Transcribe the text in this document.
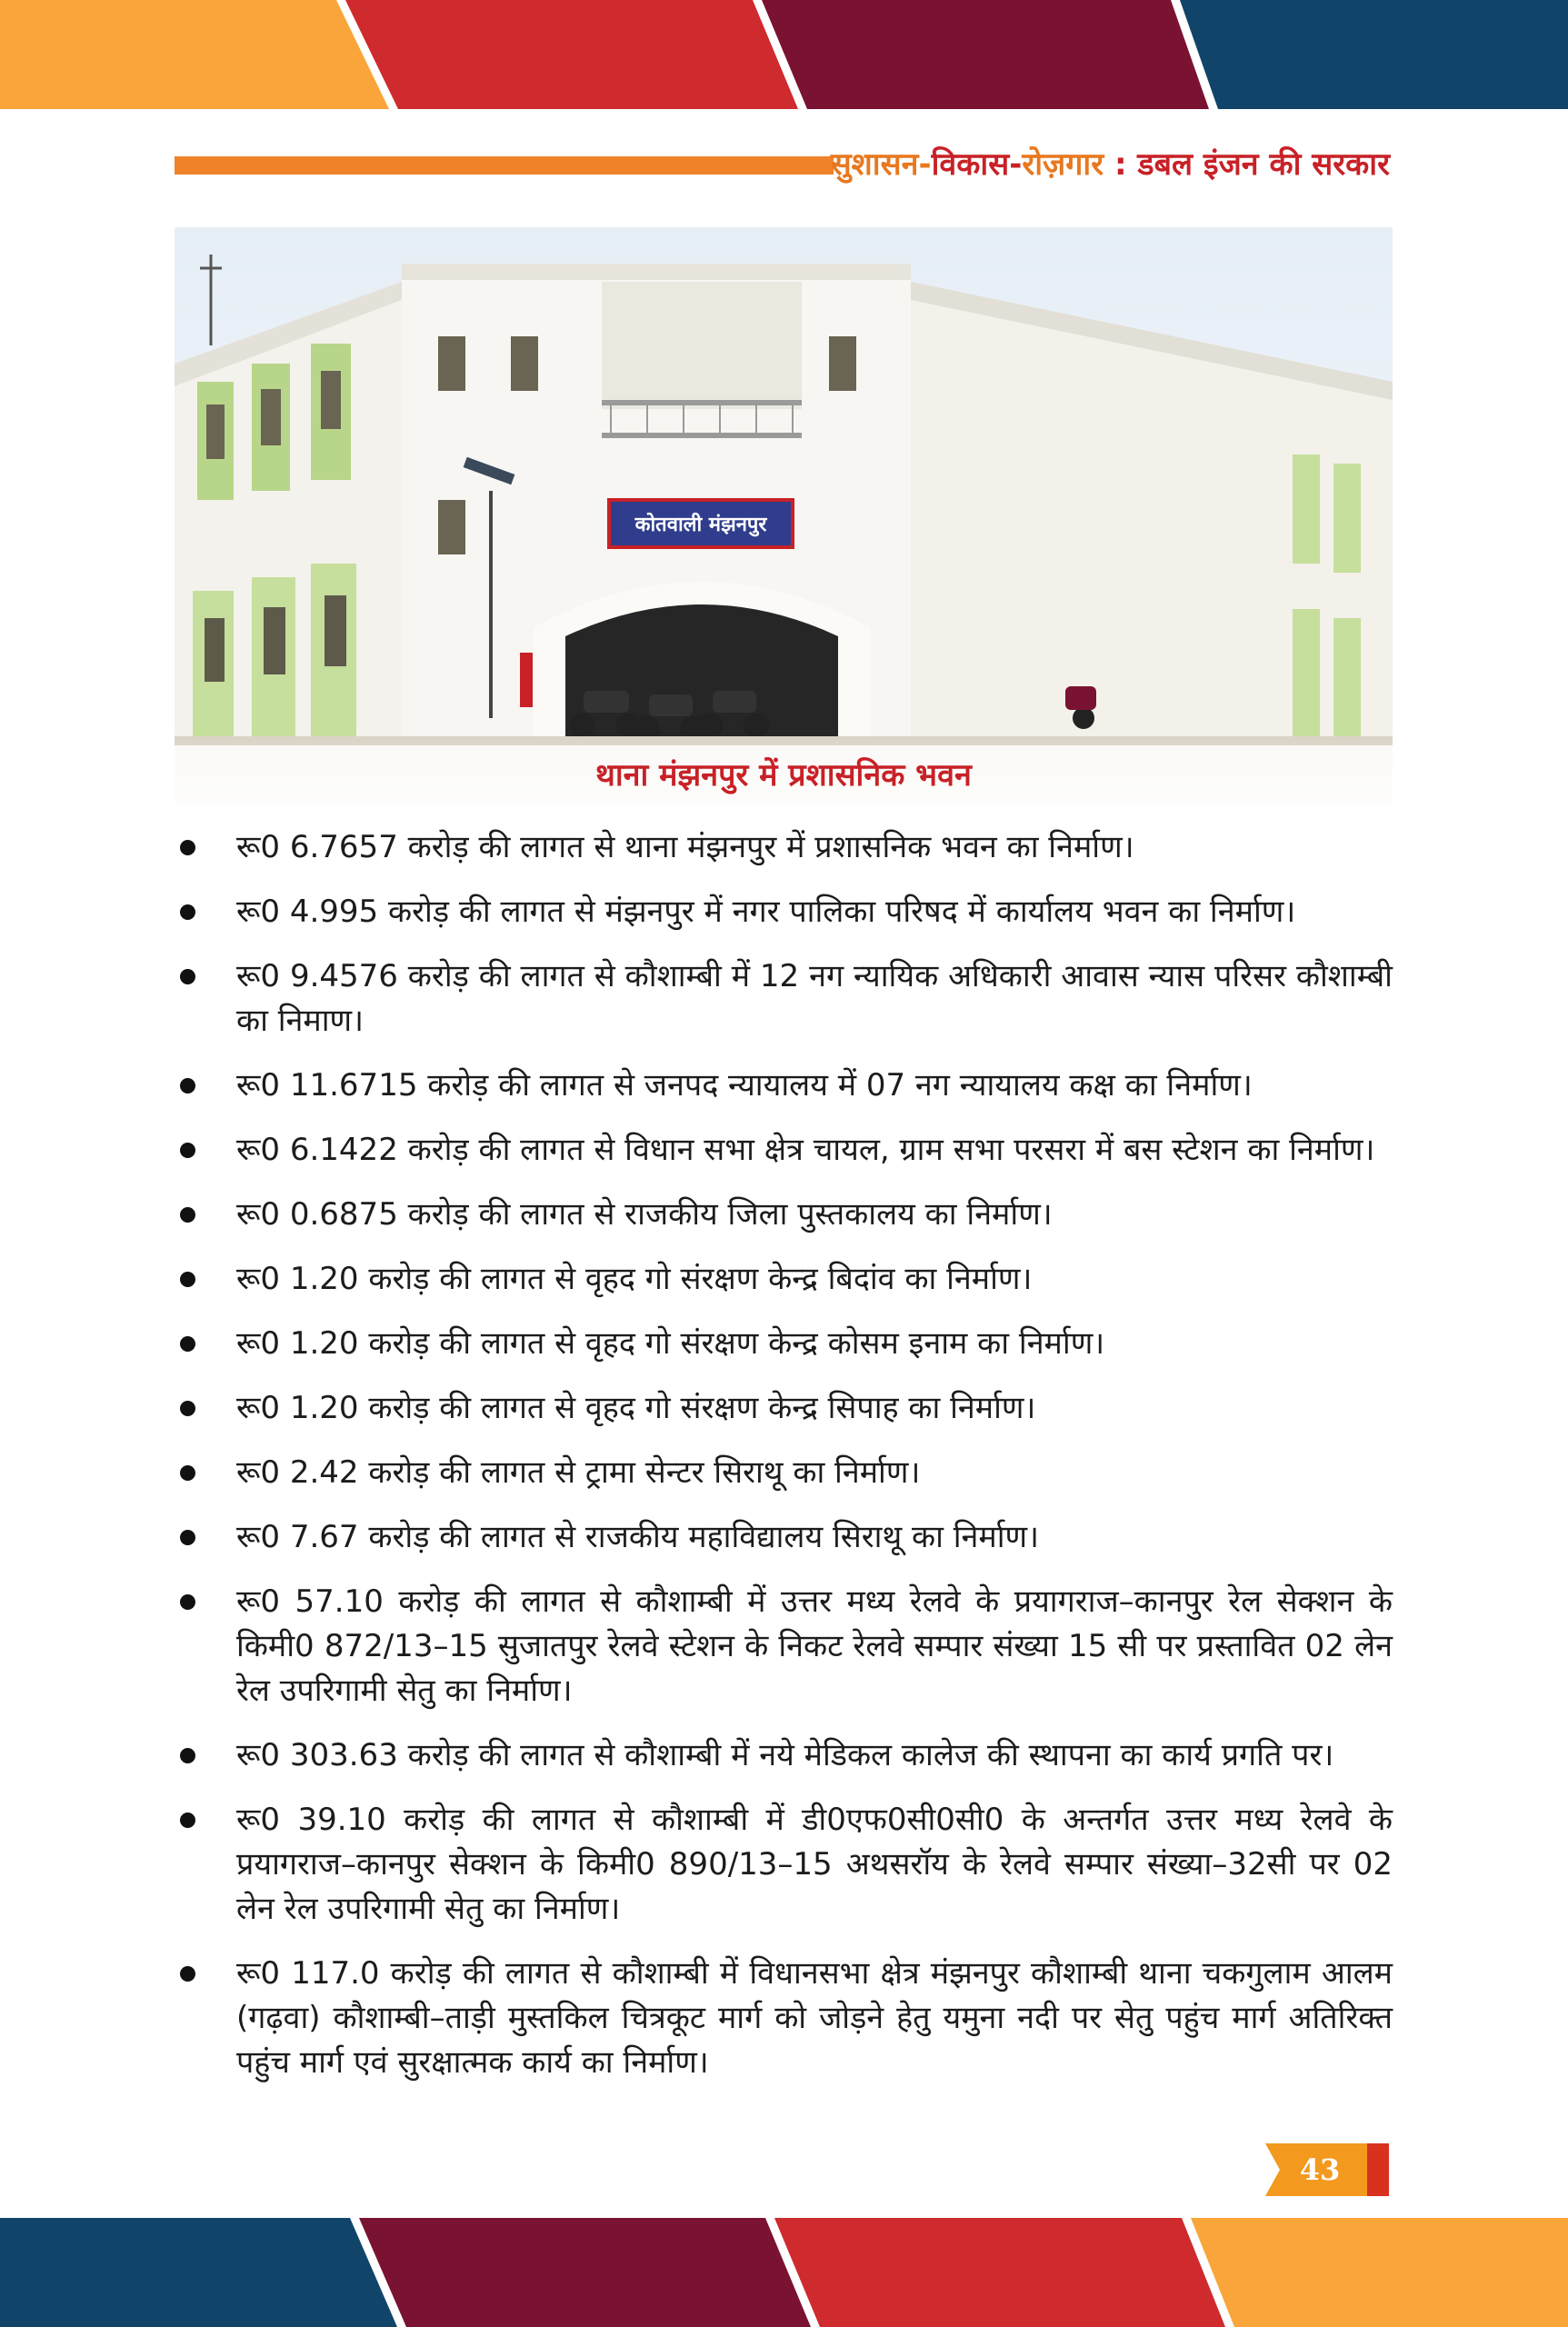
सुशासन-विकास-रोज़गार : डबल इंजन की सरकार
कोतवाली मंझनपुर
थाना मंझनपुर में प्रशासनिक भवन
रू0 6.7657 करोड़ की लागत से थाना मंझनपुर में प्रशासनिक भवन का निर्माण।
रू0 4.995 करोड़ की लागत से मंझनपुर में नगर पालिका परिषद में कार्यालय भवन का निर्माण।
रू0 9.4576 करोड़ की लागत से कौशाम्बी में 12 नग न्यायिक अधिकारी आवास न्यास परिसर कौशाम्बी का निमाण।
रू0 11.6715 करोड़ की लागत से जनपद न्यायालय में 07 नग न्यायालय कक्ष का निर्माण।
रू0 6.1422 करोड़ की लागत से विधान सभा क्षेत्र चायल, ग्राम सभा परसरा में बस स्टेशन का निर्माण।
रू0 0.6875 करोड़ की लागत से राजकीय जिला पुस्तकालय का निर्माण।
रू0 1.20 करोड़ की लागत से वृहद गो संरक्षण केन्द्र बिदांव का निर्माण।
रू0 1.20 करोड़ की लागत से वृहद गो संरक्षण केन्द्र कोसम इनाम का निर्माण।
रू0 1.20 करोड़ की लागत से वृहद गो संरक्षण केन्द्र सिपाह का निर्माण।
रू0 2.42 करोड़ की लागत से ट्रामा सेन्टर सिराथू का निर्माण।
रू0 7.67 करोड़ की लागत से राजकीय महाविद्यालय सिराथू का निर्माण।
रू0 57.10 करोड़ की लागत से कौशाम्बी में उत्तर मध्य रेलवे के प्रयागराज–कानपुर रेल सेक्शन के किमी0 872/13–15 सुजातपुर रेलवे स्टेशन के निकट रेलवे सम्पार संख्या 15 सी पर प्रस्तावित 02 लेन रेल उपरिगामी सेतु का निर्माण।
रू0 303.63 करोड़ की लागत से कौशाम्बी में नये मेडिकल कालेज की स्थापना का कार्य प्रगति पर।
रू0 39.10 करोड़ की लागत से कौशाम्बी में डी0एफ0सी0सी0 के अन्तर्गत उत्तर मध्य रेलवे के प्रयागराज–कानपुर सेक्शन के किमी0 890/13–15 अथसरॉय के रेलवे सम्पार संख्या–32सी पर 02 लेन रेल उपरिगामी सेतु का निर्माण।
रू0 117.0 करोड़ की लागत से कौशाम्बी में विधानसभा क्षेत्र मंझनपुर कौशाम्बी थाना चकगुलाम आलम (गढ़वा) कौशाम्बी–ताड़ी मुस्तकिल चित्रकूट मार्ग को जोड़ने हेतु यमुना नदी पर सेतु पहुंच मार्ग अतिरिक्त पहुंच मार्ग एवं सुरक्षात्मक कार्य का निर्माण।
43
